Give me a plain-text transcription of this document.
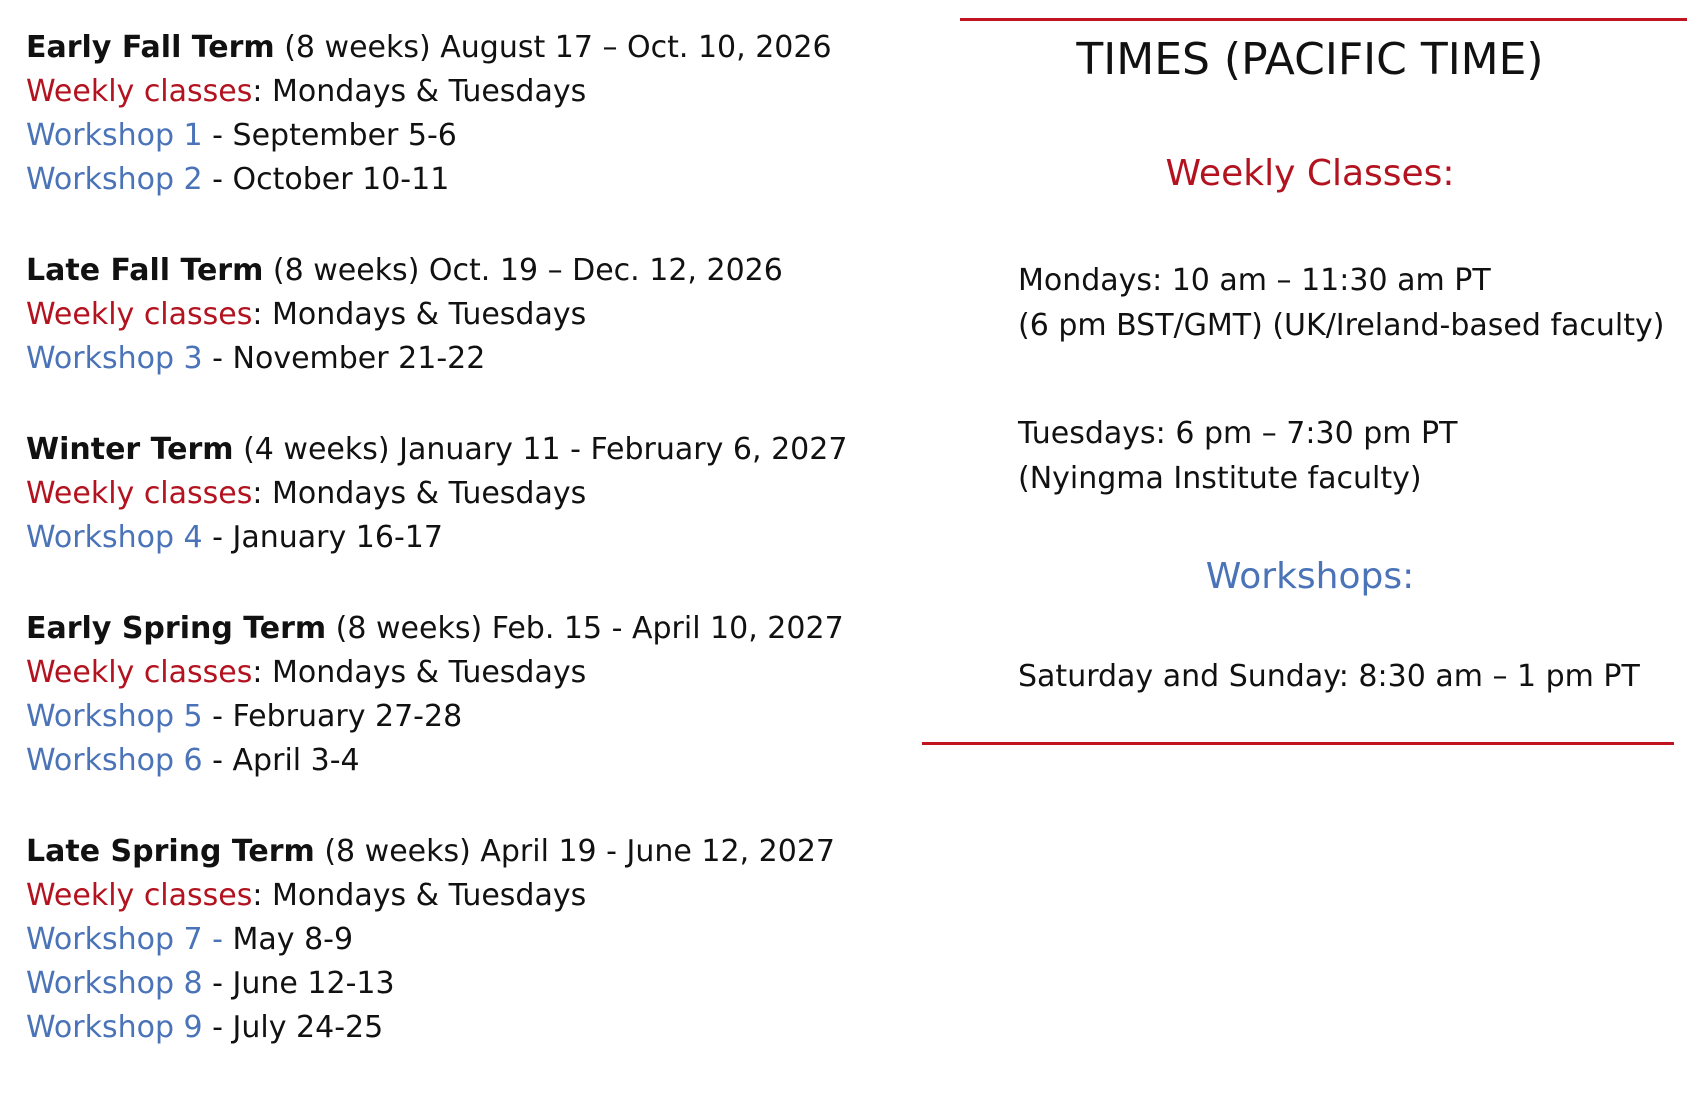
Early Fall Term (8 weeks) August 17 – Oct. 10, 2026
Weekly classes: Mondays & Tuesdays
Workshop 1 - September 5-6
Workshop 2 - October 10-11
Late Fall Term (8 weeks) Oct. 19 – Dec. 12, 2026
Weekly classes: Mondays & Tuesdays
Workshop 3 - November 21-22
Winter Term (4 weeks) January 11 - February 6, 2027
Weekly classes: Mondays & Tuesdays
Workshop 4 - January 16-17
Early Spring Term (8 weeks) Feb. 15 - April 10, 2027
Weekly classes: Mondays & Tuesdays
Workshop 5 - February 27-28
Workshop 6 - April 3-4
Late Spring Term (8 weeks) April 19 - June 12, 2027
Weekly classes: Mondays & Tuesdays
Workshop 7 - May 8-9
Workshop 8 - June 12-13
Workshop 9 - July 24-25
TIMES (PACIFIC TIME)
Weekly Classes:
Mondays: 10 am – 11:30 am PT
(6 pm BST/GMT) (UK/Ireland-based faculty)
Tuesdays: 6 pm – 7:30 pm PT
(Nyingma Institute faculty)
Workshops:
Saturday and Sunday: 8:30 am – 1 pm PT
